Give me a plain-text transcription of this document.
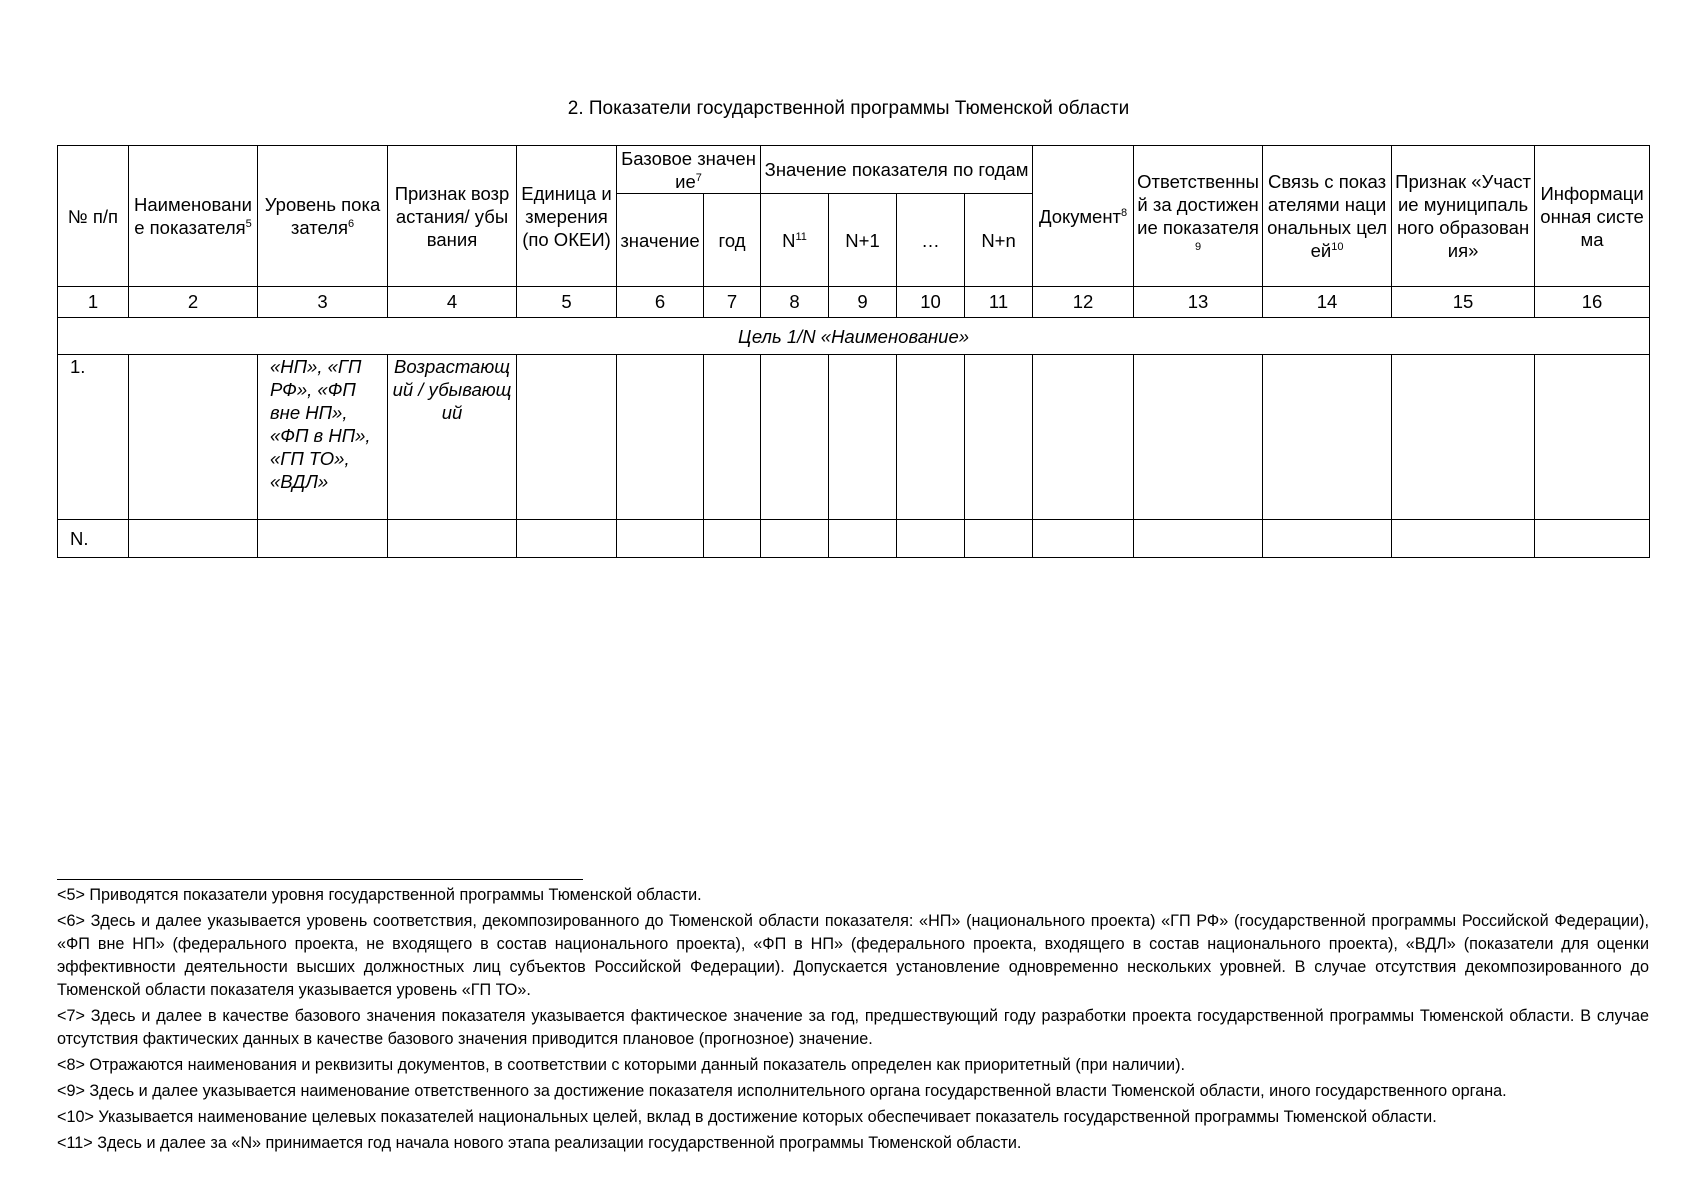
2. Показатели государственной программы Тюменской области
№ п/п	Наименование показателя$^5$	Уровень показателя$^6$	Признак возрастания/ убывания	Единица измерения (по ОКЕИ)	Базовое значение$^7$		Значение показателя по годам				Документ$^8$	Ответственный за достижение показателя$^9$	Связь с показателями национальных целей$^{10}$	Признак «Участие муниципального образования»	Информационная система
					значение	год	$N^{11}$	N+1	…	N+n					
1	2	3	4	5	6	7	8	9	10	11	12	13	14	15	16
Цель 1/N «Наименование»															
1.		«НП», «ГП РФ», «ФП вне НП», «ФП в НП», «ГП ТО», «ВДЛ»	Возрастающий / убывающий												
N.															

<5> Приводятся показатели уровня государственной программы Тюменской области.

<6> Здесь и далее указывается уровень соответствия, декомпозированного до Тюменской области показателя: «НП» (национального проекта) «ГП РФ» (государственной программы Российской Федерации), «ФП вне НП» (федерального проекта, не входящего в состав национального проекта), «ФП в НП» (федерального проекта, входящего в состав национального проекта), «ВДЛ» (показатели для оценки эффективности деятельности высших должностных лиц субъектов Российской Федерации). Допускается установление одновременно нескольких уровней. В случае отсутствия декомпозированного до Тюменской области показателя указывается уровень «ГП ТО».

<7> Здесь и далее в качестве базового значения показателя указывается фактическое значение за год, предшествующий году разработки проекта государственной программы Тюменской области. В случае отсутствия фактических данных в качестве базового значения приводится плановое (прогнозное) значение.

<8> Отражаются наименования и реквизиты документов, в соответствии с которыми данный показатель определен как приоритетный (при наличии).

<9> Здесь и далее указывается наименование ответственного за достижение показателя исполнительного органа государственной власти Тюменской области, иного государственного органа.

<10> Указывается наименование целевых показателей национальных целей, вклад в достижение которых обеспечивает показатель государственной программы Тюменской области.

<11> Здесь и далее за «N» принимается год начала нового этапа реализации государственной программы Тюменской области.
